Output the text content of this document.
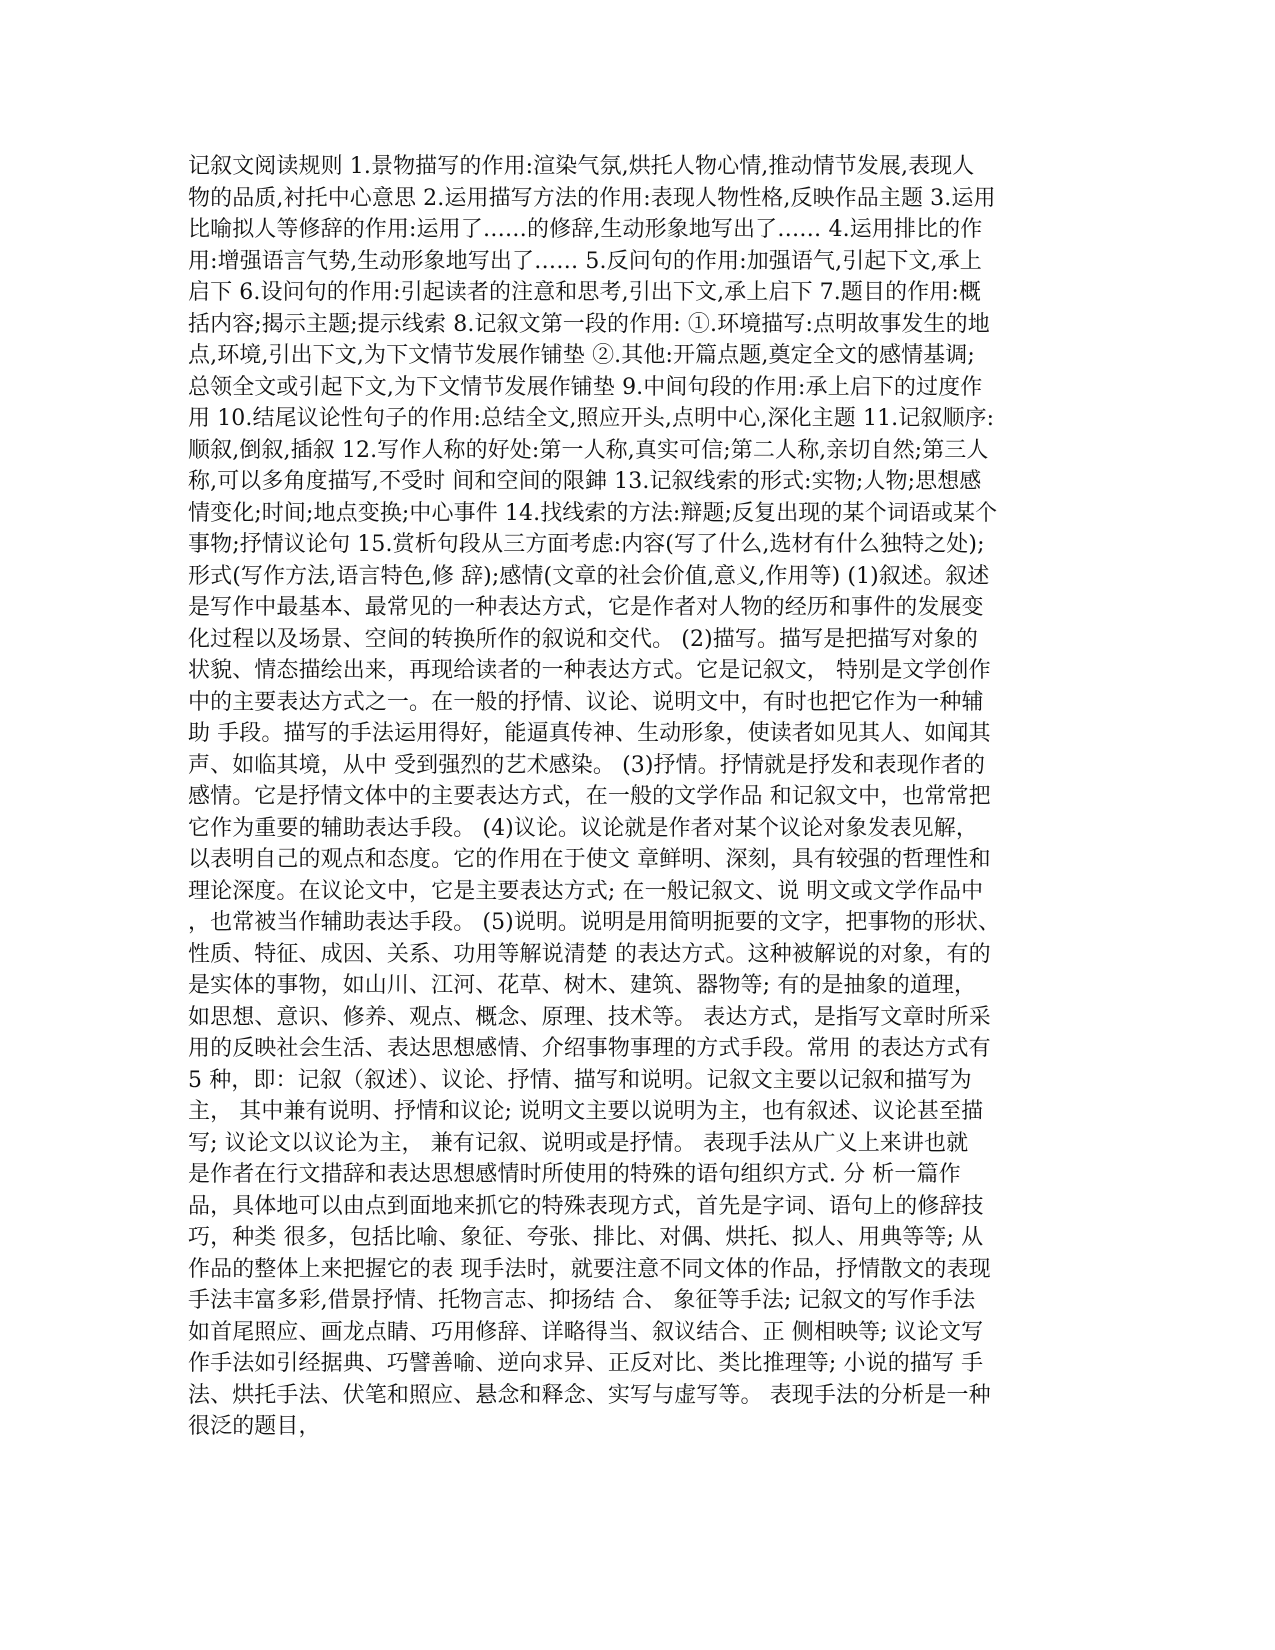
记叙文阅读规则 1.景物描写的作用:渲染气氛,烘托人物心情,推动情节发展,表现人
物的品质,衬托中心意思 2.运用描写方法的作用:表现人物性格,反映作品主题 3.运用
比喻拟人等修辞的作用:运用了……的修辞,生动形象地写出了…… 4.运用排比的作
用:增强语言气势,生动形象地写出了…… 5.反问句的作用:加强语气,引起下文,承上
启下 6.设问句的作用:引起读者的注意和思考,引出下文,承上启下 7.题目的作用:概
括内容;揭示主题;提示线索 8.记叙文第一段的作用: ①.环境描写:点明故事发生的地
点,环境,引出下文,为下文情节发展作铺垫 ②.其他:开篇点题,奠定全文的感情基调;
总领全文或引起下文,为下文情节发展作铺垫 9.中间句段的作用:承上启下的过度作
用 10.结尾议论性句子的作用:总结全文,照应开头,点明中心,深化主题 11.记叙顺序:
顺叙,倒叙,插叙 12.写作人称的好处:第一人称,真实可信;第二人称,亲切自然;第三人
称,可以多角度描写,不受时 间和空间的限鋛 13.记叙线索的形式:实物;人物;思想感
情变化;时间;地点变换;中心事件 14.找线索的方法:辩题;反复出现的某个词语或某个
事物;抒情议论句 15.赏析句段从三方面考虑:内容(写了什么,选材有什么独特之处);
形式(写作方法,语言特色,修 辞);感情(文章的社会价值,意义,作用等) (1)叙述。叙述
是写作中最基本、最常见的一种表达方式，它是作者对人物的经历和事件的发展变
化过程以及场景、空间的转换所作的叙说和交代。 (2)描写。描写是把描写对象的
状貌、情态描绘出来，再现给读者的一种表达方式。它是记叙文， 特别是文学创作
中的主要表达方式之一。在一般的抒情、议论、说明文中，有时也把它作为一种辅
助 手段。描写的手法运用得好，能逼真传神、生动形象，使读者如见其人、如闻其
声、如临其境，从中 受到强烈的艺术感染。 (3)抒情。抒情就是抒发和表现作者的
感情。它是抒情文体中的主要表达方式，在一般的文学作品 和记叙文中，也常常把
它作为重要的辅助表达手段。 (4)议论。议论就是作者对某个议论对象发表见解，
以表明自己的观点和态度。它的作用在于使文 章鲜明、深刻，具有较强的哲理性和
理论深度。在议论文中，它是主要表达方式; 在一般记叙文、说 明文或文学作品中
，也常被当作辅助表达手段。 (5)说明。说明是用简明扼要的文字，把事物的形状、
性质、特征、成因、关系、功用等解说清楚 的表达方式。这种被解说的对象，有的
是实体的事物，如山川、江河、花草、树木、建筑、器物等; 有的是抽象的道理，
如思想、意识、修养、观点、概念、原理、技术等。 表达方式，是指写文章时所采
用的反映社会生活、表达思想感情、介绍事物事理的方式手段。常用 的表达方式有
5 种，即：记叙（叙述）、议论、抒情、描写和说明。记叙文主要以记叙和描写为
主， 其中兼有说明、抒情和议论; 说明文主要以说明为主，也有叙述、议论甚至描
写; 议论文以议论为主， 兼有记叙、说明或是抒情。 表现手法从广义上来讲也就
是作者在行文措辞和表达思想感情时所使用的特殊的语句组织方式. 分 析一篇作
品，具体地可以由点到面地来抓它的特殊表现方式，首先是字词、语句上的修辞技
巧，种类 很多，包括比喻、象征、夸张、排比、对偶、烘托、拟人、用典等等; 从
作品的整体上来把握它的表 现手法时，就要注意不同文体的作品，抒情散文的表现
手法丰富多彩,借景抒情、托物言志、抑扬结 合、 象征等手法; 记叙文的写作手法
如首尾照应、画龙点睛、巧用修辞、详略得当、叙议结合、正 侧相映等; 议论文写
作手法如引经据典、巧譬善喻、逆向求异、正反对比、类比推理等; 小说的描写 手
法、烘托手法、伏笔和照应、悬念和释念、实写与虚写等。 表现手法的分析是一种
很泛的题目，
